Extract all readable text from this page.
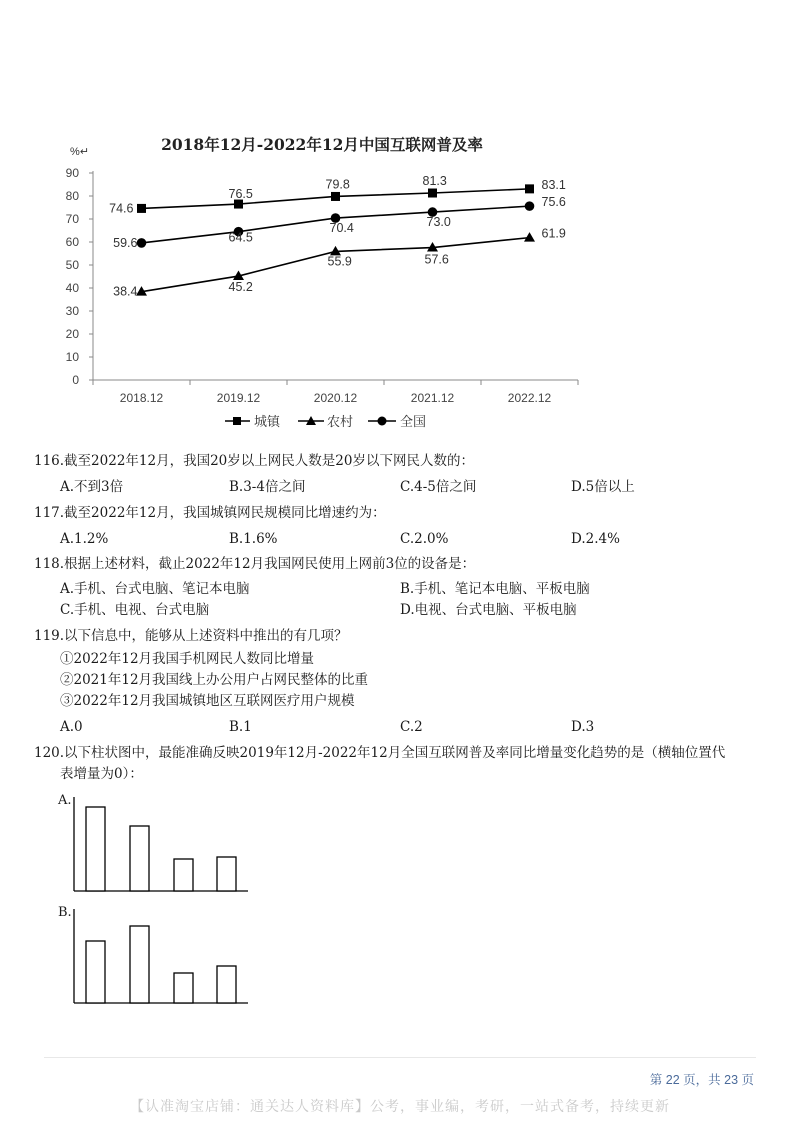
2018年12月-2022年12月中国互联网普及率
%↵
0
10
20
30
40
50
60
70
80
90
2018.12	2019.12	2020.12	2021.12	2022.12
74.6
76.5
79.8	81.3	83.1
38.4	45.2
55.9	57.6
61.9
59.6	64.5
70.4	73.0
75.6
城镇	农村	全国
116.截至2022年12月，我国20岁以上网民人数是20岁以下网民人数的：
A.不到3倍	B.3-4倍之间	C.4-5倍之间	D.5倍以上
117.截至2022年12月，我国城镇网民规模同比增速约为：
A.1.2%	B.1.6%	C.2.0%	D.2.4%
118.根据上述材料，截止2022年12月我国网民使用上网前3位的设备是：
A.手机、台式电脑、笔记本电脑	B.手机、笔记本电脑、平板电脑
C.手机、电视、台式电脑	D.电视、台式电脑、平板电脑
119.以下信息中，能够从上述资料中推出的有几项？
①2022年12月我国手机网民人数同比增量
②2021年12月我国线上办公用户占网民整体的比重
③2022年12月我国城镇地区互联网医疗用户规模
A.0	B.1	C.2	D.3
120.以下柱状图中，最能准确反映2019年12月-2022年12月全国互联网普及率同比增量变化趋势的是（横轴位置代
表增量为0）：
A.
B.
第 22 页，共 23 页
【认准淘宝店铺：通关达人资料库】公考，事业编，考研，一站式备考，持续更新
